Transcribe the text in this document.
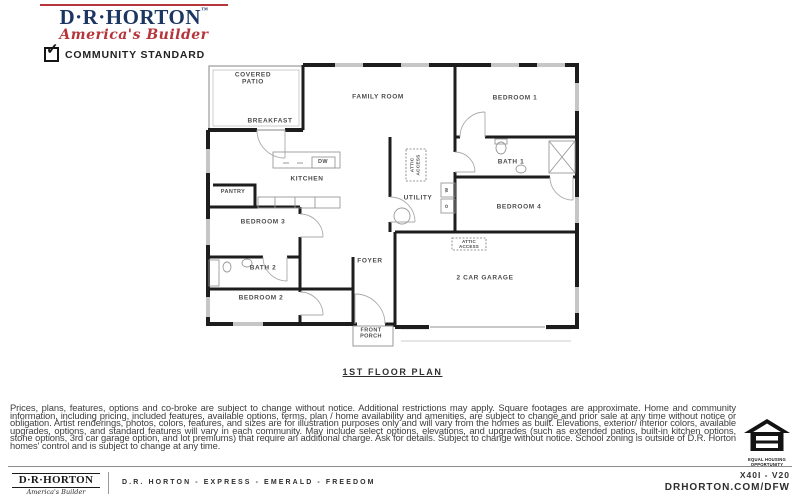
D·R·HORTON™
America's Builder
✓ COMMUNITY STANDARD
COVERED PATIO
FAMILY ROOM	BEDROOM 1
BREAKFAST
KITCHEN
DW
PANTRY
BEDROOM 3
BATH 2
BEDROOM 2
FOYER
FRONT PORCH
BATH 1
ATTIC ACCESS
UTILITY
BEDROOM 4
ATTIC ACCESS
2 CAR GARAGE
W
D
1ST FLOOR PLAN
Prices, plans, features, options and co-broke are subject to change without notice. Additional restrictions may apply. Square footages are approximate. Home and community information, including pricing, included features, available options, terms, plan / home availability and amenities, are subject to change and prior sale at any time without notice or obligation. Artist renderings, photos, colors, features, and sizes are for illustration purposes only and will vary from the homes as built. Elevations, exterior/ interior colors, available upgrades, options, and standard features will vary in each community. May include select options, elevations, and upgrades (such as extended patios, built-in kitchen options, stone options, 3rd car garage option, and lot premiums) that require an additional charge. Ask for details. Subject to change without notice. School zoning is outside of D.R. Horton homes' control and is subject to change at any time.
EQUAL HOUSING
OPPORTUNITY
D·R·HORTON
America's Builder
D.R. HORTON - EXPRESS - EMERALD - FREEDOM
X40I - V20
DRHORTON.COM/DFW
